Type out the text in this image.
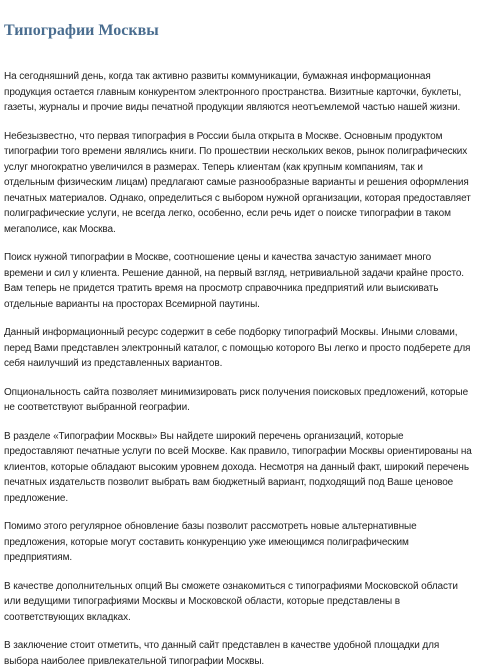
Типографии Москвы

На сегодняшний день, когда так активно развиты коммуникации, бумажная информационная продукция остается главным конкурентом электронного пространства. Визитные карточки, буклеты, газеты, журналы и прочие виды печатной продукции являются неотъемлемой частью нашей жизни.

Небезызвестно, что первая типография в России была открыта в Москве. Основным продуктом типографии того времени являлись книги. По прошествии нескольких веков, рынок полиграфических услуг многократно увеличился в размерах. Теперь клиентам (как крупным компаниям, так и отдельным физическим лицам) предлагают самые разнообразные варианты и решения оформления печатных материалов. Однако, определиться с выбором нужной организации, которая предоставляет полиграфические услуги, не всегда легко, особенно, если речь идет о поиске типографии в таком мегаполисе, как Москва.

Поиск нужной типографии в Москве, соотношение цены и качества зачастую занимает много времени и сил у клиента. Решение данной, на первый взгляд, нетривиальной задачи крайне просто. Вам теперь не придется тратить время на просмотр справочника предприятий или выискивать отдельные варианты на просторах Всемирной паутины.

Данный информационный ресурс содержит в себе подборку типографий Москвы. Иными словами, перед Вами представлен электронный каталог, с помощью которого Вы легко и просто подберете для себя наилучший из представленных вариантов.

Опциональность сайта позволяет минимизировать риск получения поисковых предложений, которые не соответствуют выбранной географии.

В разделе «Типографии Москвы» Вы найдете широкий перечень организаций, которые предоставляют печатные услуги по всей Москве. Как правило, типографии Москвы ориентированы на клиентов, которые обладают высоким уровнем дохода. Несмотря на данный факт, широкий перечень печатных издательств позволит выбрать вам бюджетный вариант, подходящий под Ваше ценовое предложение.

Помимо этого регулярное обновление базы позволит рассмотреть новые альтернативные предложения, которые могут составить конкуренцию уже имеющимся полиграфическим предприятиям.

В качестве дополнительных опций Вы сможете ознакомиться с типографиями Московской области или ведущими типографиями Москвы и Московской области, которые представлены в соответствующих вкладках.

В заключение стоит отметить, что данный сайт представлен в качестве удобной площадки для выбора наиболее привлекательной типографии Москвы.
